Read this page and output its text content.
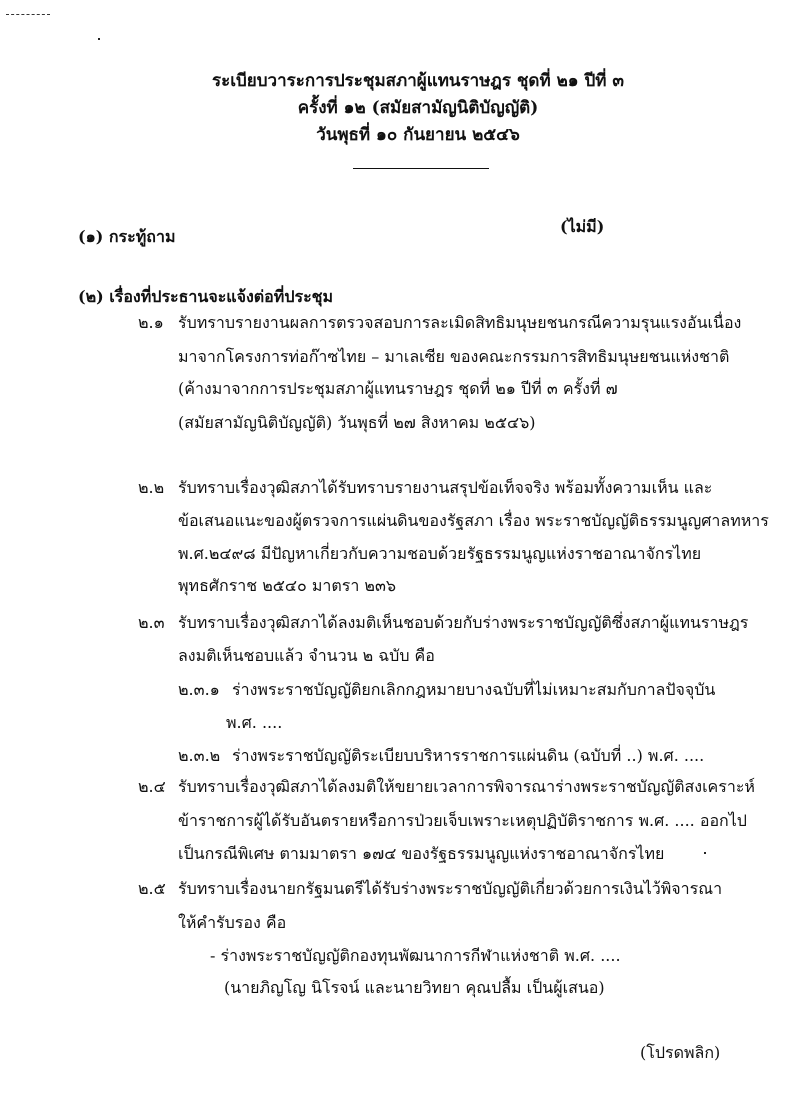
ระเบียบวาระการประชุมสภาผู้แทนราษฎร ชุดที่ ๒๑ ปีที่ ๓
ครั้งที่ ๑๒ (สมัยสามัญนิติบัญญัติ)
วันพุธที่ ๑๐ กันยายน ๒๕๔๖
(๑) กระทู้ถาม
(ไม่มี)
(๒) เรื่องที่ประธานจะแจ้งต่อที่ประชุม
๒.๑ รับทราบรายงานผลการตรวจสอบการละเมิดสิทธิมนุษยชนกรณีความรุนแรงอันเนื่อง
มาจากโครงการท่อก๊าซไทย – มาเลเซีย ของคณะกรรมการสิทธิมนุษยชนแห่งชาติ
(ค้างมาจากการประชุมสภาผู้แทนราษฎร ชุดที่ ๒๑ ปีที่ ๓ ครั้งที่ ๗
(สมัยสามัญนิติบัญญัติ) วันพุธที่ ๒๗ สิงหาคม ๒๕๔๖)
๒.๒ รับทราบเรื่องวุฒิสภาได้รับทราบรายงานสรุปข้อเท็จจริง พร้อมทั้งความเห็น และ
ข้อเสนอแนะของผู้ตรวจการแผ่นดินของรัฐสภา เรื่อง พระราชบัญญัติธรรมนูญศาลทหาร
พ.ศ.๒๔๙๘ มีปัญหาเกี่ยวกับความชอบด้วยรัฐธรรมนูญแห่งราชอาณาจักรไทย
พุทธศักราช ๒๕๔๐ มาตรา ๒๓๖
๒.๓ รับทราบเรื่องวุฒิสภาได้ลงมติเห็นชอบด้วยกับร่างพระราชบัญญัติซึ่งสภาผู้แทนราษฎร
ลงมติเห็นชอบแล้ว จำนวน ๒ ฉบับ คือ
๒.๓.๑ ร่างพระราชบัญญัติยกเลิกกฎหมายบางฉบับที่ไม่เหมาะสมกับกาลปัจจุบัน
พ.ศ. ....
๒.๓.๒ ร่างพระราชบัญญัติระเบียบบริหารราชการแผ่นดิน (ฉบับที่ ..) พ.ศ. ....
๒.๔ รับทราบเรื่องวุฒิสภาได้ลงมติให้ขยายเวลาการพิจารณาร่างพระราชบัญญัติสงเคราะห์
ข้าราชการผู้ได้รับอันตรายหรือการป่วยเจ็บเพราะเหตุปฏิบัติราชการ พ.ศ. .... ออกไป
เป็นกรณีพิเศษ ตามมาตรา ๑๗๔ ของรัฐธรรมนูญแห่งราชอาณาจักรไทย
๒.๕ รับทราบเรื่องนายกรัฐมนตรีได้รับร่างพระราชบัญญัติเกี่ยวด้วยการเงินไว้พิจารณา
ให้คำรับรอง คือ
- ร่างพระราชบัญญัติกองทุนพัฒนาการกีฬาแห่งชาติ พ.ศ. ....
(นายภิญโญ นิโรจน์ และนายวิทยา คุณปลื้ม เป็นผู้เสนอ)
(โปรดพลิก)
